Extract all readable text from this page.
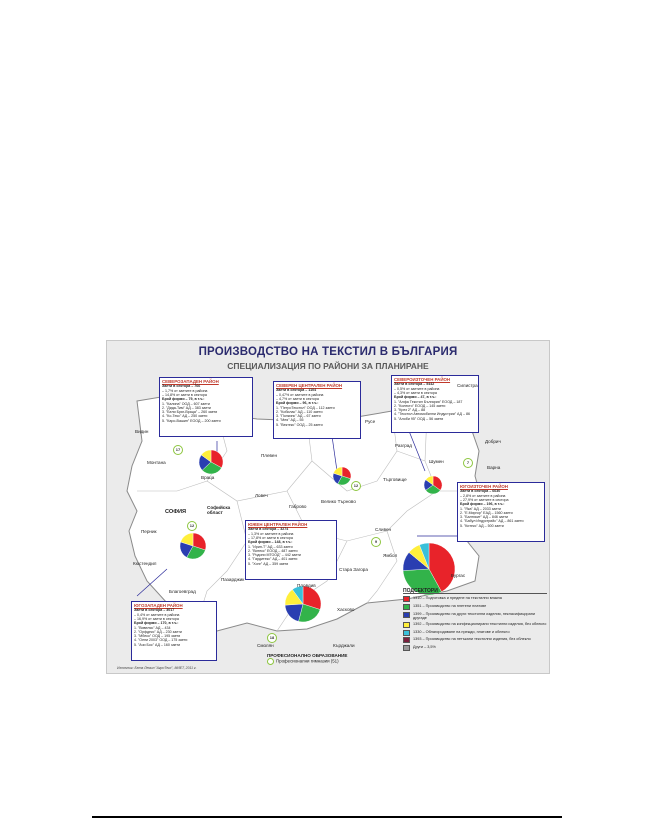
ПРОИЗВОДСТВО НА ТЕКСТИЛ В БЪЛГАРИЯ
СПЕЦИАЛИЗАЦИЯ ПО РАЙОНИ ЗА ПЛАНИРАНЕ
СЕВЕРОЗАПАДЕН РАЙОН
Заети в сектора – 766
– 1,7% от заетите в района
– 14,8% от заети в сектора
Брой фирми – 79, в т.ч.:
1. "Калина" ООД – 607 заети
2. "Дида-Тим" АД – 383 заети
3. "Бели Бряг-Враца" – 260 заети
4. "Ко-Текс" АД – 250 заети
5. "Каро-Вашин" ЕООД – 200 заети
СЕВЕРЕН ЦЕНТРАЛЕН РАЙОН
Заети в сектора – 1104
– 0,47% от заетите в района
– 4,7% от заети в сектора
Брой фирми – 96, в т.ч.:
1. "ПетроТекстил" ООД – 112 заети
2. "Кобилас" АД – 110 заети
3. "Полкинс" АД – 67 заети
4. "Мея" АД – 55
5. "Вектекс" ООД – 25 заети
СЕВЕРОИЗТОЧЕН РАЙОН
Заети в сектора – 5442
– 0,5% от заетите в района
– 4,3% от заети в сектора
Брой фирми – 47, в т.ч.:
1. "Алфа Текстил България" ЕООД – 187
2. "Колекто" ЕООД – 145 заети
3. "Крез 2" АД – 88
4. "Текстил Автомобилни Индустрии" АД – 86
5. "Алоби 95" ООД – 56 заети
ЮГОИЗТОЧЕН РАЙОН
Заети в сектора – 6630
– 2,8% от заетите в района
– 27,9% от заетите в сектора
Брой фирми – 196, в т.ч.:
1. "Яка" АД – 2033 заети
2. "Е.Миргор" ЕАД – 1560 заети
3. "Балтикит" АД – 846 заети
4. "Бабул Индустрийс" АД – 861 заети
5. "Китекс" АД – 500 заети
ЮЖЕН ЦЕНТРАЛЕН РАЙОН
Заети в сектора – 3274
– 1,3% от заетите в района
– 17,8% от заети в сектора
Брой фирми – 148, в т.ч.:
1. "Ирин-Т" АД – 633 заети
2. "Витекс" ЕООД – 487 заети
3. "Родопи МТООД" – 442 заети
4. "Гардитекс" АД – 401 заети
5. "Хонг" АД – 359 заети
ЮГОЗАПАДЕН РАЙОН
Заети в сектора – 3017
– 0,4% от заетите в района
– 16,9% от заети в сектора
Брой фирми – 170, в т.ч.:
1. "Вивеляс" АД – 434
2. "Орфдекс" АД – 230 заети
3. "Мбеко" ООД – 195 заети
4. "Оени 2003" ООД – 175 заети
5. "Ачи Бос" АД – 160 заети
Видин
Монтана
Враца
Плевен
Ловеч
Габрово
Велико Търново
Русе
Силистра
Разград
Шумен
Търговище
Добрич
Варна
СОФИЯ
Софийска област
Перник
Кюстендил
Благоевград
Пазарджик
Пловдив
Смолян	Кърджали
Хасково
Стара Загора
Сливен
Ямбол
Бургас
17
12
7
9
18
12
ПОДСЕКТОРИ
1310 – Подготовка и предене на текстилни влакна
1351 – Производство на плетени платове
1399 – Производство на други текстилни изделия, некласифицирани другаде
1392 – Производство на конфекционирани текстилни изделия, без облекло
1330 – Облагородяване на прежди, платове и облекло
1393 – Производство на нетъкани текстилни изделия, без облекло
Други – 3,5%
ПРОФЕСИОНАЛНО ОБРАЗОВАНИЕ
Професионални гимназии (51)
Източник: Бета Лемил "АгроТекс", МИЕТ, 2011 г.
